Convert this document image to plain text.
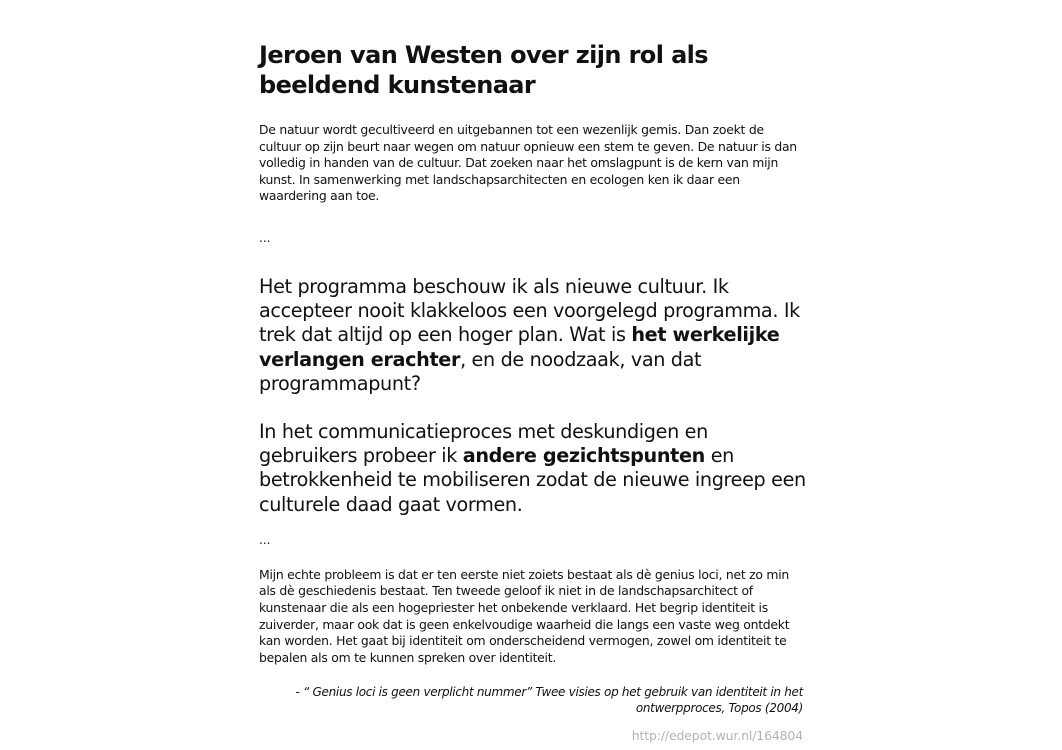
Jeroen van Westen over zijn rol als beeldend kunstenaar

De natuur wordt gecultiveerd en uitgebannen tot een wezenlijk gemis. Dan zoekt de cultuur op zijn beurt naar wegen om natuur opnieuw een stem te geven. De natuur is dan volledig in handen van de cultuur. Dat zoeken naar het omslagpunt is de kern van mijn kunst. In samenwerking met landschapsarchitecten en ecologen ken ik daar een waardering aan toe.

...

Het programma beschouw ik als nieuwe cultuur. Ik accepteer nooit klakkeloos een voorgelegd programma. Ik trek dat altijd op een hoger plan. Wat is het werkelijke verlangen erachter, en de noodzaak, van dat programmapunt?

In het communicatieproces met deskundigen en gebruikers probeer ik andere gezichtspunten en betrokkenheid te mobiliseren zodat de nieuwe ingreep een culturele daad gaat vormen.

...

Mijn echte probleem is dat er ten eerste niet zoiets bestaat als dè genius loci, net zo min als dè geschiedenis bestaat. Ten tweede geloof ik niet in de landschapsarchitect of kunstenaar die als een hogepriester het onbekende verklaard. Het begrip identiteit is zuiverder, maar ook dat is geen enkelvoudige waarheid die langs een vaste weg ontdekt kan worden. Het gaat bij identiteit om onderscheidend vermogen, zowel om identiteit te bepalen als om te kunnen spreken over identiteit.

- “ Genius loci is geen verplicht nummer” Twee visies op het gebruik van identiteit in het ontwerpproces, Topos (2004)

http://edepot.wur.nl/164804
